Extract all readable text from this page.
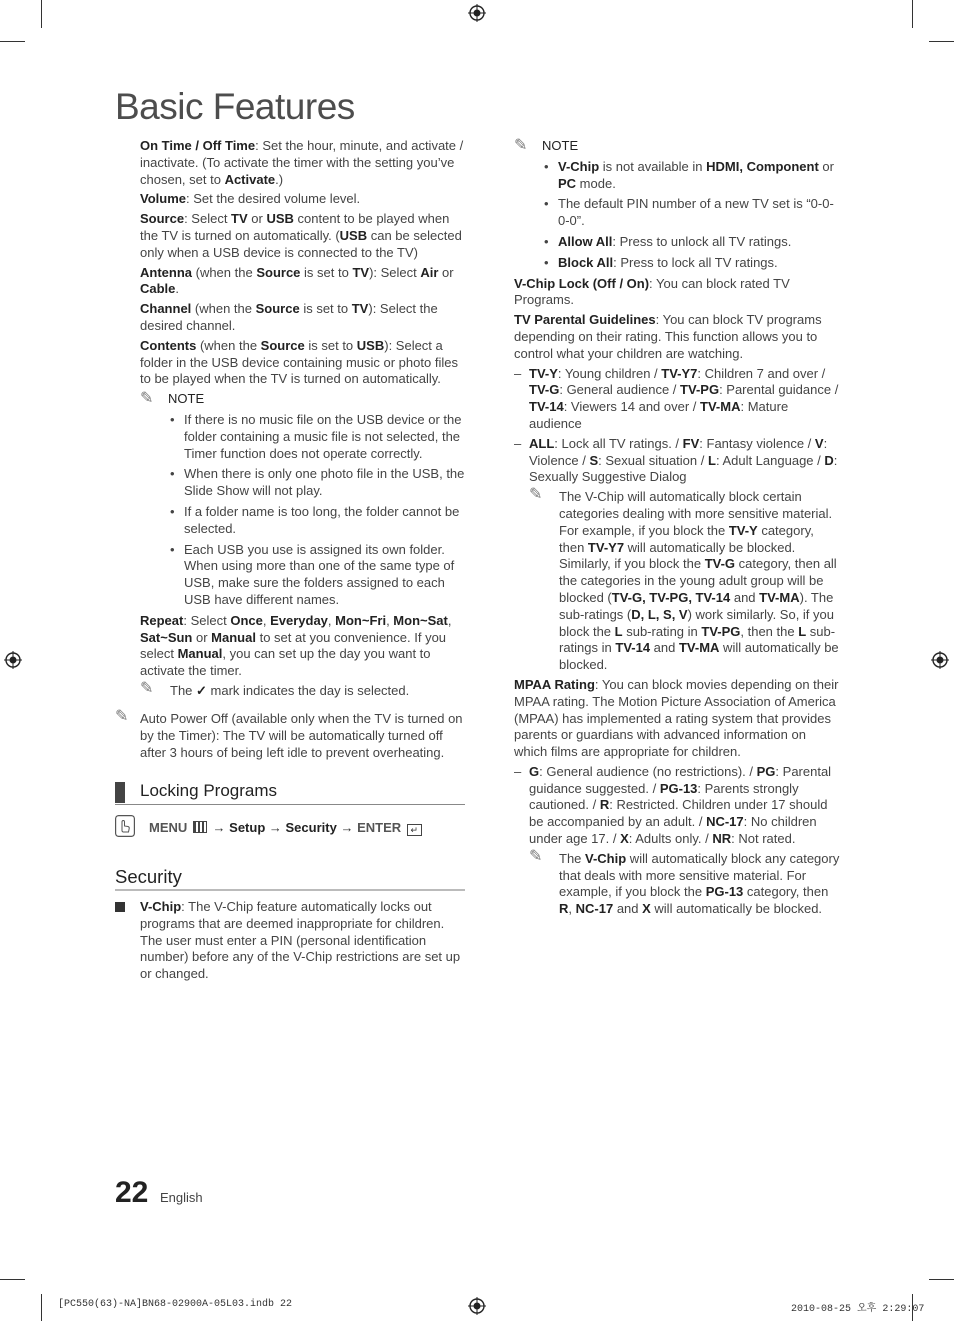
Basic Features

On Time / Off Time: Set the hour, minute, and activate / inactivate. (To activate the timer with the setting you’ve chosen, set to Activate.)

Volume: Set the desired volume level.

Source: Select TV or USB content to be played when the TV is turned on automatically. (USB can be selected only when a USB device is connected to the TV)

Antenna (when the Source is set to TV): Select Air or Cable.

Channel (when the Source is set to TV): Select the desired channel.

Contents (when the Source is set to USB): Select a folder in the USB device containing music or photo files to be played when the TV is turned on automatically.

✎	NOTE
• If there is no music file on the USB device or the folder containing a music file is not selected, the Timer function does not operate correctly.
• When there is only one photo file in the USB, the Slide Show will not play.
• If a folder name is too long, the folder cannot be selected.
• Each USB you use is assigned its own folder. When using more than one of the same type of USB, make sure the folders assigned to each USB have different names.

Repeat: Select Once, Everyday, Mon~Fri, Mon~Sat, Sat~Sun or Manual to set at you convenience. If you select Manual, you can set up the day you want to activate the timer.

✎ The ✓ mark indicates the day is selected.
✎ Auto Power Off (available only when the TV is turned on by the Timer): The TV will be automatically turned off after 3 hours of being left idle to prevent overheating.
Locking Programs
MENU  → Setup → Security → ENTER ↵
Security

V-Chip: The V-Chip feature automatically locks out programs that are deemed inappropriate for children. The user must enter a PIN (personal identification number) before any of the V-Chip restrictions are set up or changed.

✎	NOTE
• V-Chip is not available in HDMI, Component or PC mode.
• The default PIN number of a new TV set is “0-0-0-0”.
• Allow All: Press to unlock all TV ratings.
• Block All: Press to lock all TV ratings.

V-Chip Lock (Off / On): You can block rated TV Programs.

TV Parental Guidelines: You can block TV programs depending on their rating. This function allows you to control what your children are watching.

– TV-Y: Young children / TV-Y7: Children 7 and over / TV-G: General audience / TV-PG: Parental guidance / TV-14: Viewers 14 and over / TV-MA: Mature audience
– ALL: Lock all TV ratings. / FV: Fantasy violence / V: Violence / S: Sexual situation / L: Adult Language / D: Sexually Suggestive Dialog
✎ The V-Chip will automatically block certain categories dealing with more sensitive material. For example, if you block the TV-Y category, then TV-Y7 will automatically be blocked. Similarly, if you block the TV-G category, then all the categories in the young adult group will be blocked (TV-G, TV-PG, TV-14 and TV-MA). The sub-ratings (D, L, S, V) work similarly. So, if you block the L sub-rating in TV-PG, then the L sub-ratings in TV-14 and TV-MA will automatically be blocked.

MPAA Rating: You can block movies depending on their MPAA rating. The Motion Picture Association of America (MPAA) has implemented a rating system that provides parents or guardians with advanced information on which films are appropriate for children.

– G: General audience (no restrictions). / PG: Parental guidance suggested. / PG-13: Parents strongly cautioned. / R: Restricted. Children under 17 should be accompanied by an adult. / NC-17: No children under age 17. / X: Adults only. / NR: Not rated.
✎ The V-Chip will automatically block any category that deals with more sensitive material. For example, if you block the PG-13 category, then R, NC-17 and X will automatically be blocked.
22 English
[PC550(63)-NA]BN68-02900A-05L03.indb 22	2010-08-25 오후 2:29:07
